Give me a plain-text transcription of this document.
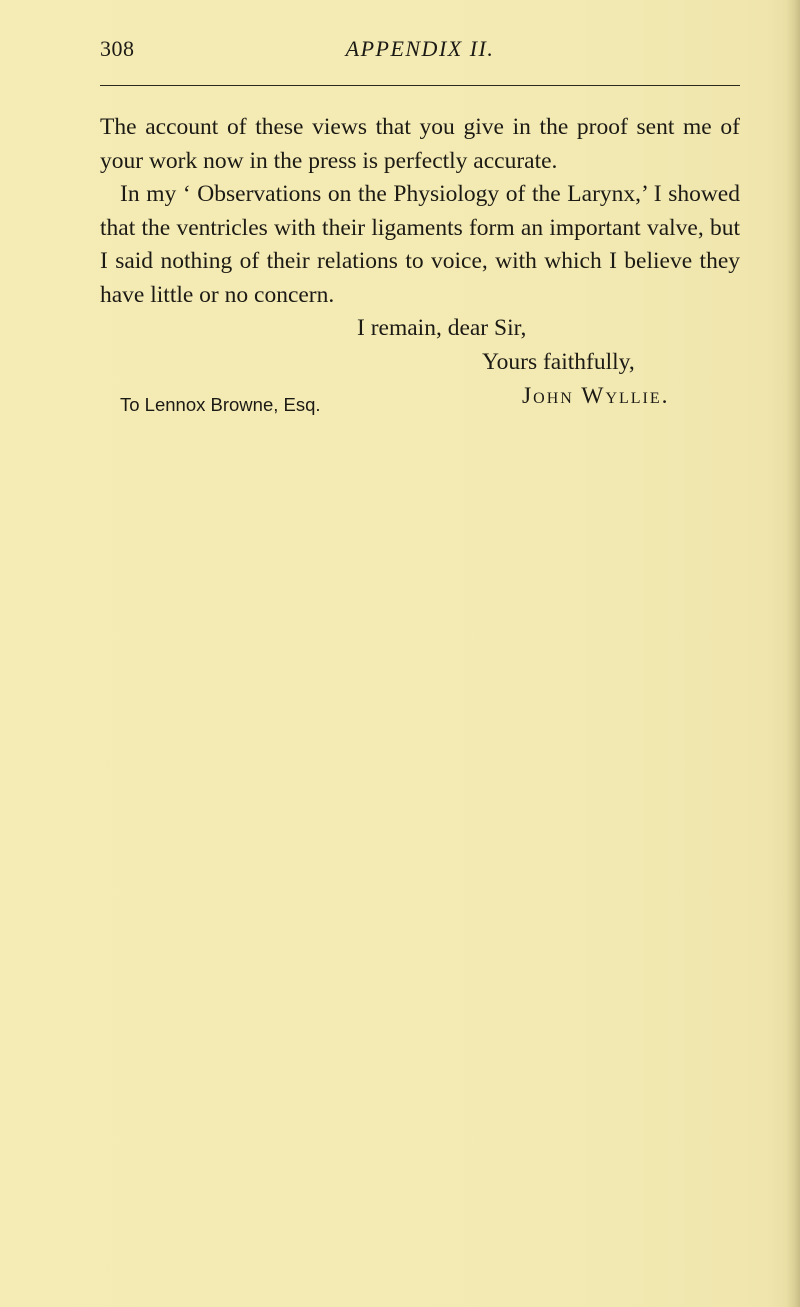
308	APPENDIX II.

The account of these views that you give in the proof sent me of your work now in the press is perfectly accurate.

In my ‘ Observations on the Physiology of the Larynx,’ I showed that the ventricles with their ligaments form an important valve, but I said nothing of their relations to voice, with which I believe they have little or no concern.

I remain, dear Sir,
Yours faithfully,
John Wyllie.
To Lennox Browne, Esq.
